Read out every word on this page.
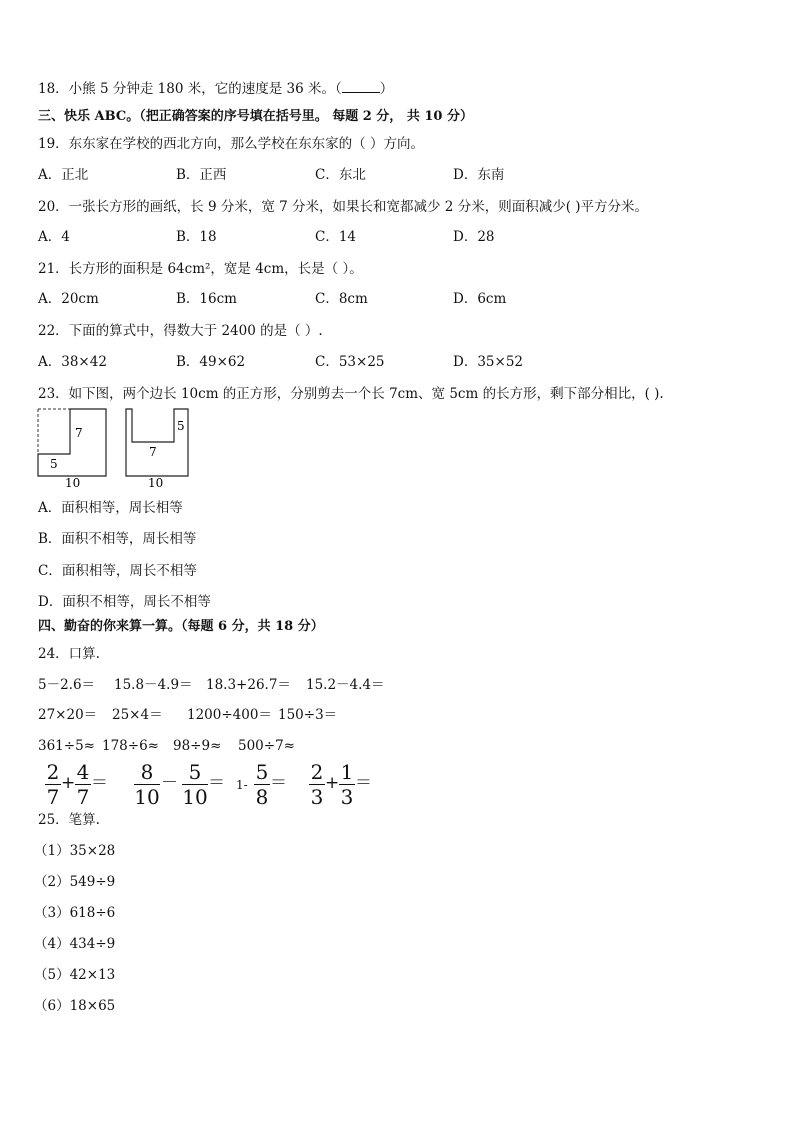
18．小熊 5 分钟走 180 米，它的速度是 36 米。（	）
三、快乐 ABC。（把正确答案的序号填在括号里。 每题 2 分， 共 10 分）
19．东东家在学校的西北方向，那么学校在东东家的（ ）方向。
A．正北	B．正西	C．东北	D．东南
20．一张长方形的画纸，长 9 分米，宽 7 分米，如果长和宽都减少 2 分米，则面积减少( )平方分米。
A．4	B．18	C．14	D．28
21．长方形的面积是 64cm²，宽是 4cm，长是（ ）。
A．20cm	B．16cm	C．8cm	D．6cm
22．下面的算式中，得数大于 2400 的是（ ）.
A．38×42	B．49×62	C．53×25	D．35×52
23．如下图，两个边长 10cm 的正方形，分别剪去一个长 7cm、宽 5cm 的长方形，剩下部分相比，( ).
7
5
10
5
7
10
A．面积相等，周长相等
B．面积不相等，周长相等
C．面积相等，周长不相等
D．面积不相等，周长不相等
四、勤奋的你来算一算。（每题 6 分，共 18 分）
24．口算.
5－2.6＝ 15.8－4.9＝ 18.3+26.7＝ 15.2－4.4＝
27×20＝ 25×4＝ 1200÷400＝ 150÷3＝
361÷5≈ 178÷6≈ 98÷9≈ 500÷7≈
2
7
+ 4
7
＝	8
10
－ 5
10
＝ 1-
5
8
＝ 2
3
+ 1
3
＝
25．笔算.
（1）35×28
（2）549÷9
（3）618÷6
（4）434÷9
（5）42×13
（6）18×65
